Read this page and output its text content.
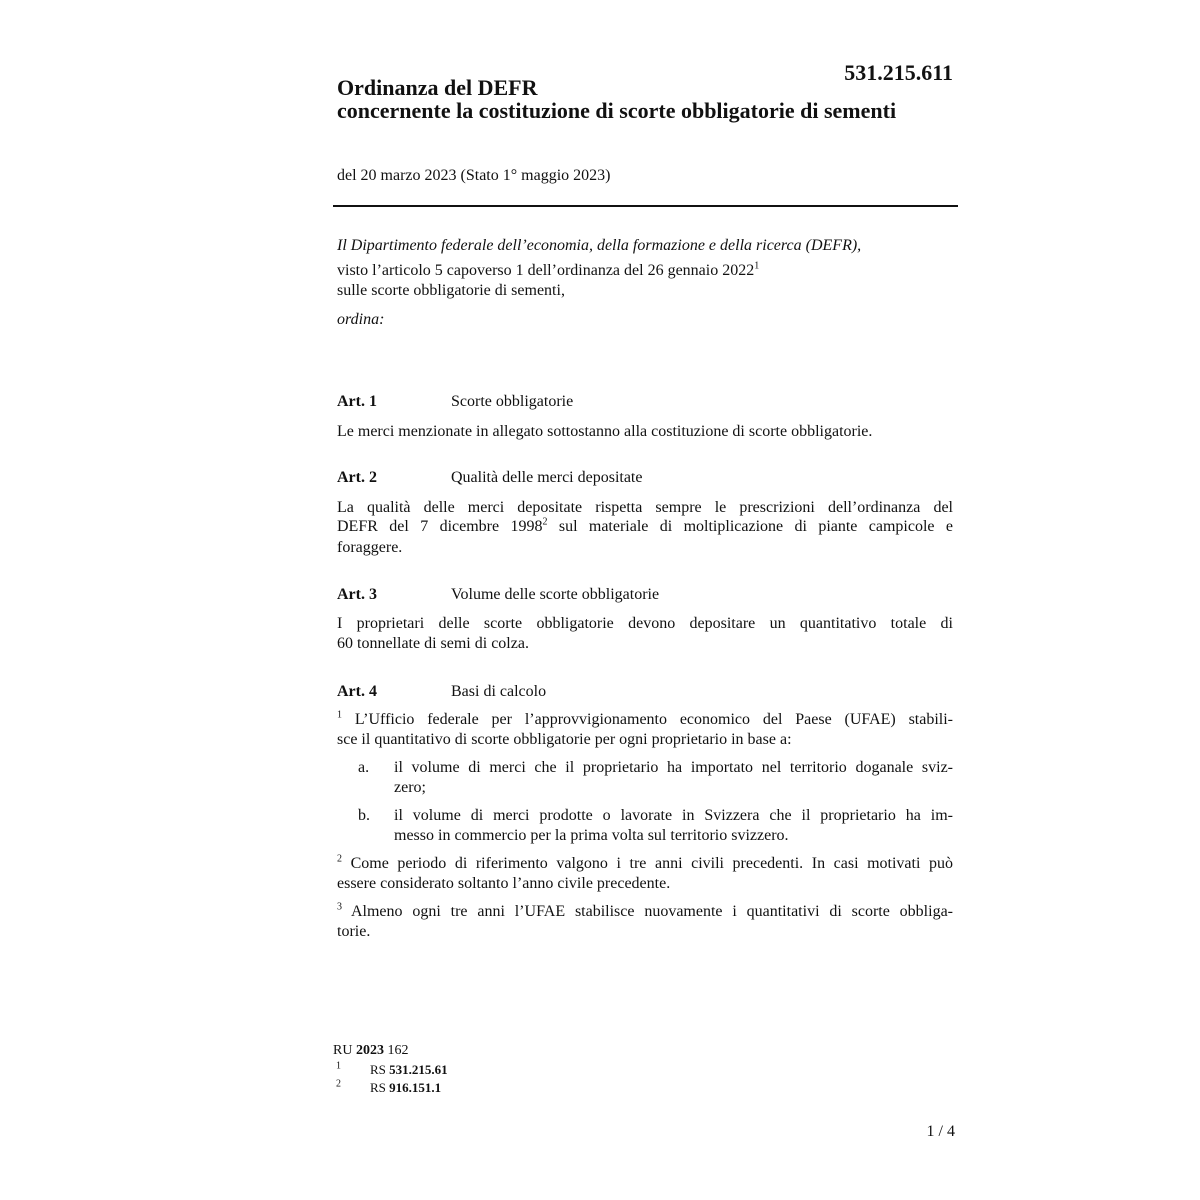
531.215.611
Ordinanza del DEFR
concernente la costituzione di scorte obbligatorie di sementi
del 20 marzo 2023 (Stato 1° maggio 2023)
Il Dipartimento federale dell’economia, della formazione e della ricerca (DEFR),
visto l’articolo 5 capoverso 1 dell’ordinanza del 26 gennaio 2022$^1$
sulle scorte obbligatorie di sementi,
ordina:
Art. 1	Scorte obbligatorie
Le merci menzionate in allegato sottostanno alla costituzione di scorte obbligatorie.
Art. 2	Qualità delle merci depositate
La qualità delle merci depositate rispetta sempre le prescrizioni dell’ordinanza del
DEFR del 7 dicembre 1998$^2$ sul materiale di moltiplicazione di piante campicole e
foraggere.
Art. 3	Volume delle scorte obbligatorie
I proprietari delle scorte obbligatorie devono depositare un quantitativo totale di
60 tonnellate di semi di colza.
Art. 4	Basi di calcolo
$^1$ L’Ufficio federale per l’approvvigionamento economico del Paese (UFAE) stabili-
sce il quantitativo di scorte obbligatorie per ogni proprietario in base a:
a. il volume di merci che il proprietario ha importato nel territorio doganale sviz-
zero;
b. il volume di merci prodotte o lavorate in Svizzera che il proprietario ha im-
messo in commercio per la prima volta sul territorio svizzero.
$^2$ Come periodo di riferimento valgono i tre anni civili precedenti. In casi motivati può
essere considerato soltanto l’anno civile precedente.
$^3$ Almeno ogni tre anni l’UFAE stabilisce nuovamente i quantitativi di scorte obbliga-
torie.
RU 2023 162
$^1$ RS 531.215.61
$^2$ RS 916.151.1
1 / 4
